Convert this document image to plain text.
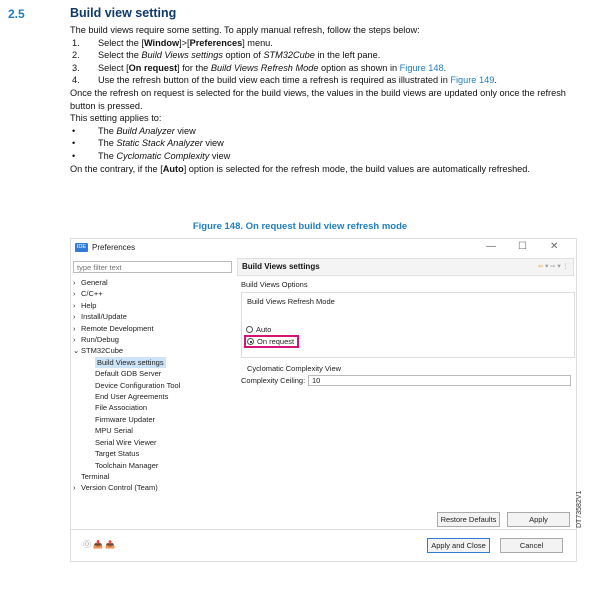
2.5	Build view setting

The build views require some setting. To apply manual refresh, follow the steps below:

1.	Select the [Window]>[Preferences] menu.
2.	Select the Build Views settings option of STM32Cube in the left pane.
3.	Select [On request] for the Build Views Refresh Mode option as shown in Figure 148.
4.	Use the refresh button of the build view each time a refresh is required as illustrated in Figure 149.

Once the refresh on request is selected for the build views, the values in the build views are updated only once the refresh button is pressed.

This setting applies to:

•	The Build Analyzer view
•	The Static Stack Analyzer view
•	The Cyclomatic Complexity view

On the contrary, if the [Auto] option is selected for the refresh mode, the build values are automatically refreshed.

Figure 148. On request build view refresh mode
IDE Preferences	— ☐ ✕
type filter text
› General
› C/C++
› Help
› Install/Update
› Remote Development
› Run/Debug
⌄ STM32Cube
Build Views settings
Default GDB Server
Device Configuration Tool
End User Agreements
File Association
Firmware Updater
MPU Serial
Serial Wire Viewer
Target Status
Toolchain Manager
Terminal
› Version Control (Team)
Build Views settings	⇦ ▾ ⇨ ▾ ⋮
Build Views Options
Build Views Refresh Mode
Auto
On request
Cyclomatic Complexity View
Complexity Ceiling:
10
Restore Defaults	Apply
⓪ 📥 📤	Apply and Close	Cancel
DT73582V1
